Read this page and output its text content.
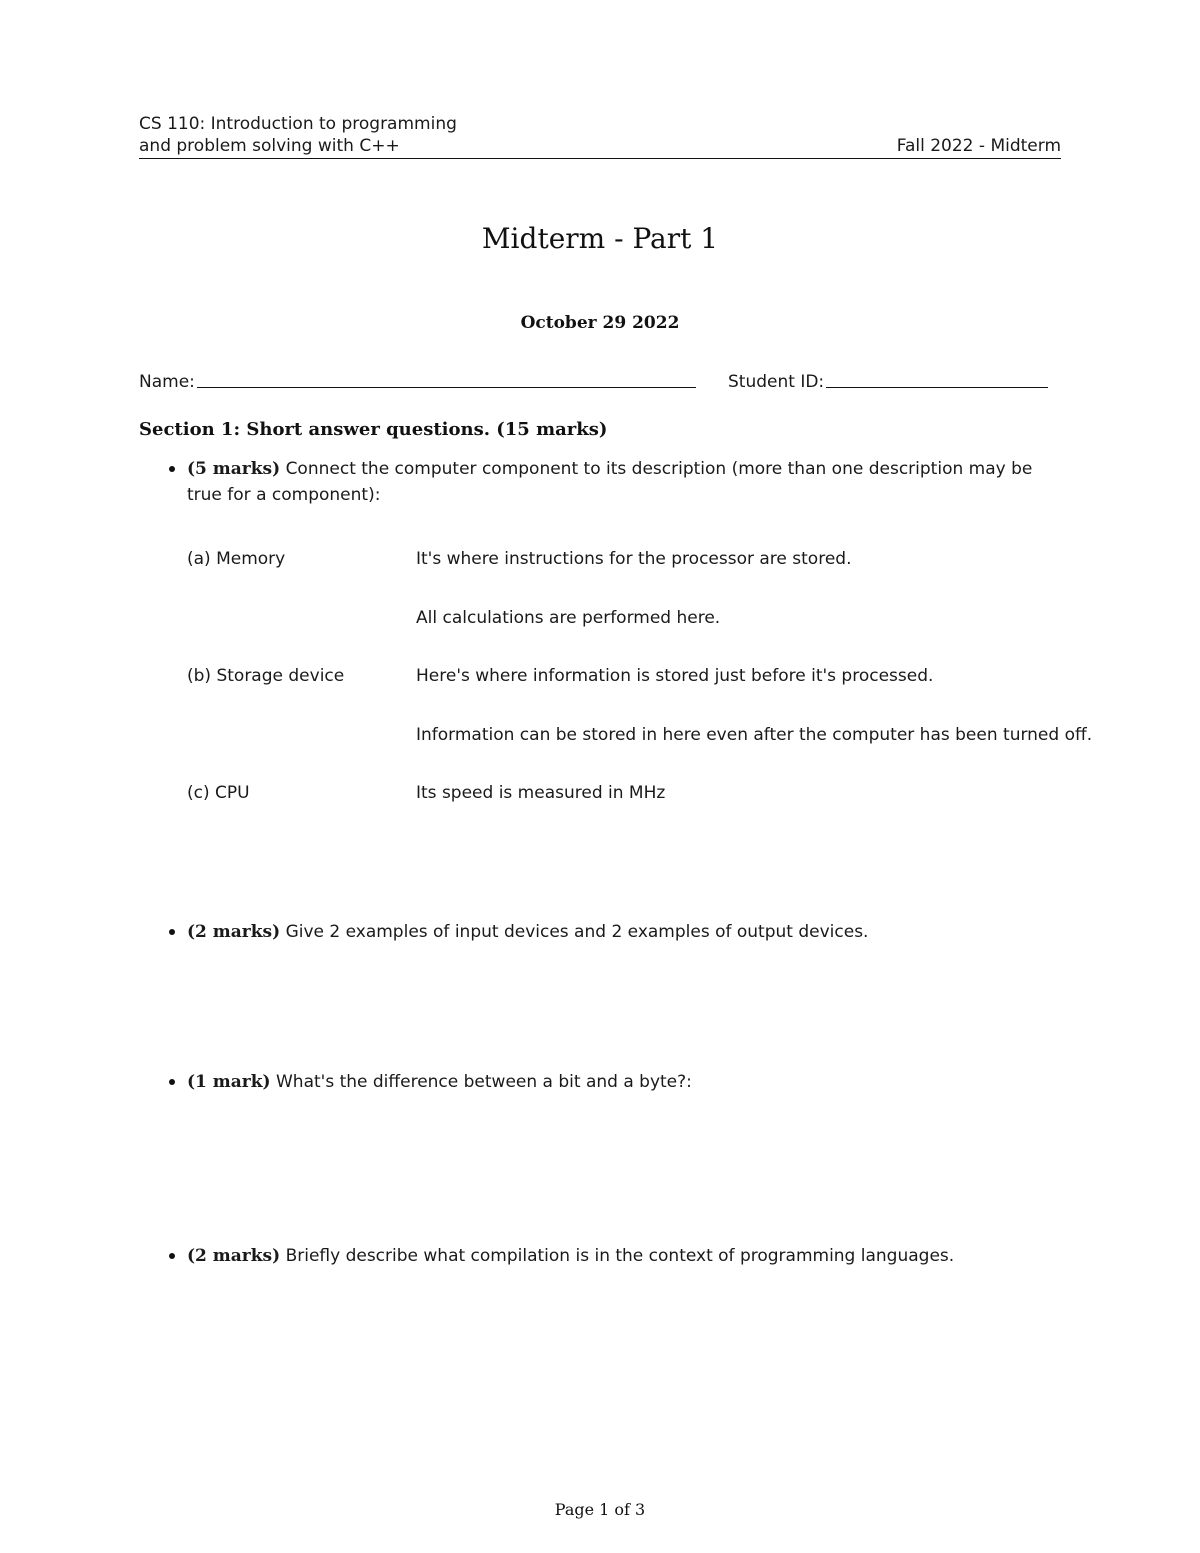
CS 110: Introduction to programming
and problem solving with C++	Fall 2022 - Midterm
Midterm - Part 1
October 29 2022
Name:	Student ID:
Section 1: Short answer questions. (15 marks)
(5 marks) Connect the computer component to its description (more than one description may be
true for a component):
(a) Memory	It's where instructions for the processor are stored.
All calculations are performed here.
(b) Storage device	Here's where information is stored just before it's processed.
Information can be stored in here even after the computer has been turned off.
(c) CPU	Its speed is measured in MHz
(2 marks) Give 2 examples of input devices and 2 examples of output devices.
(1 mark) What's the difference between a bit and a byte?:
(2 marks) Briefly describe what compilation is in the context of programming languages.
Page 1 of 3
